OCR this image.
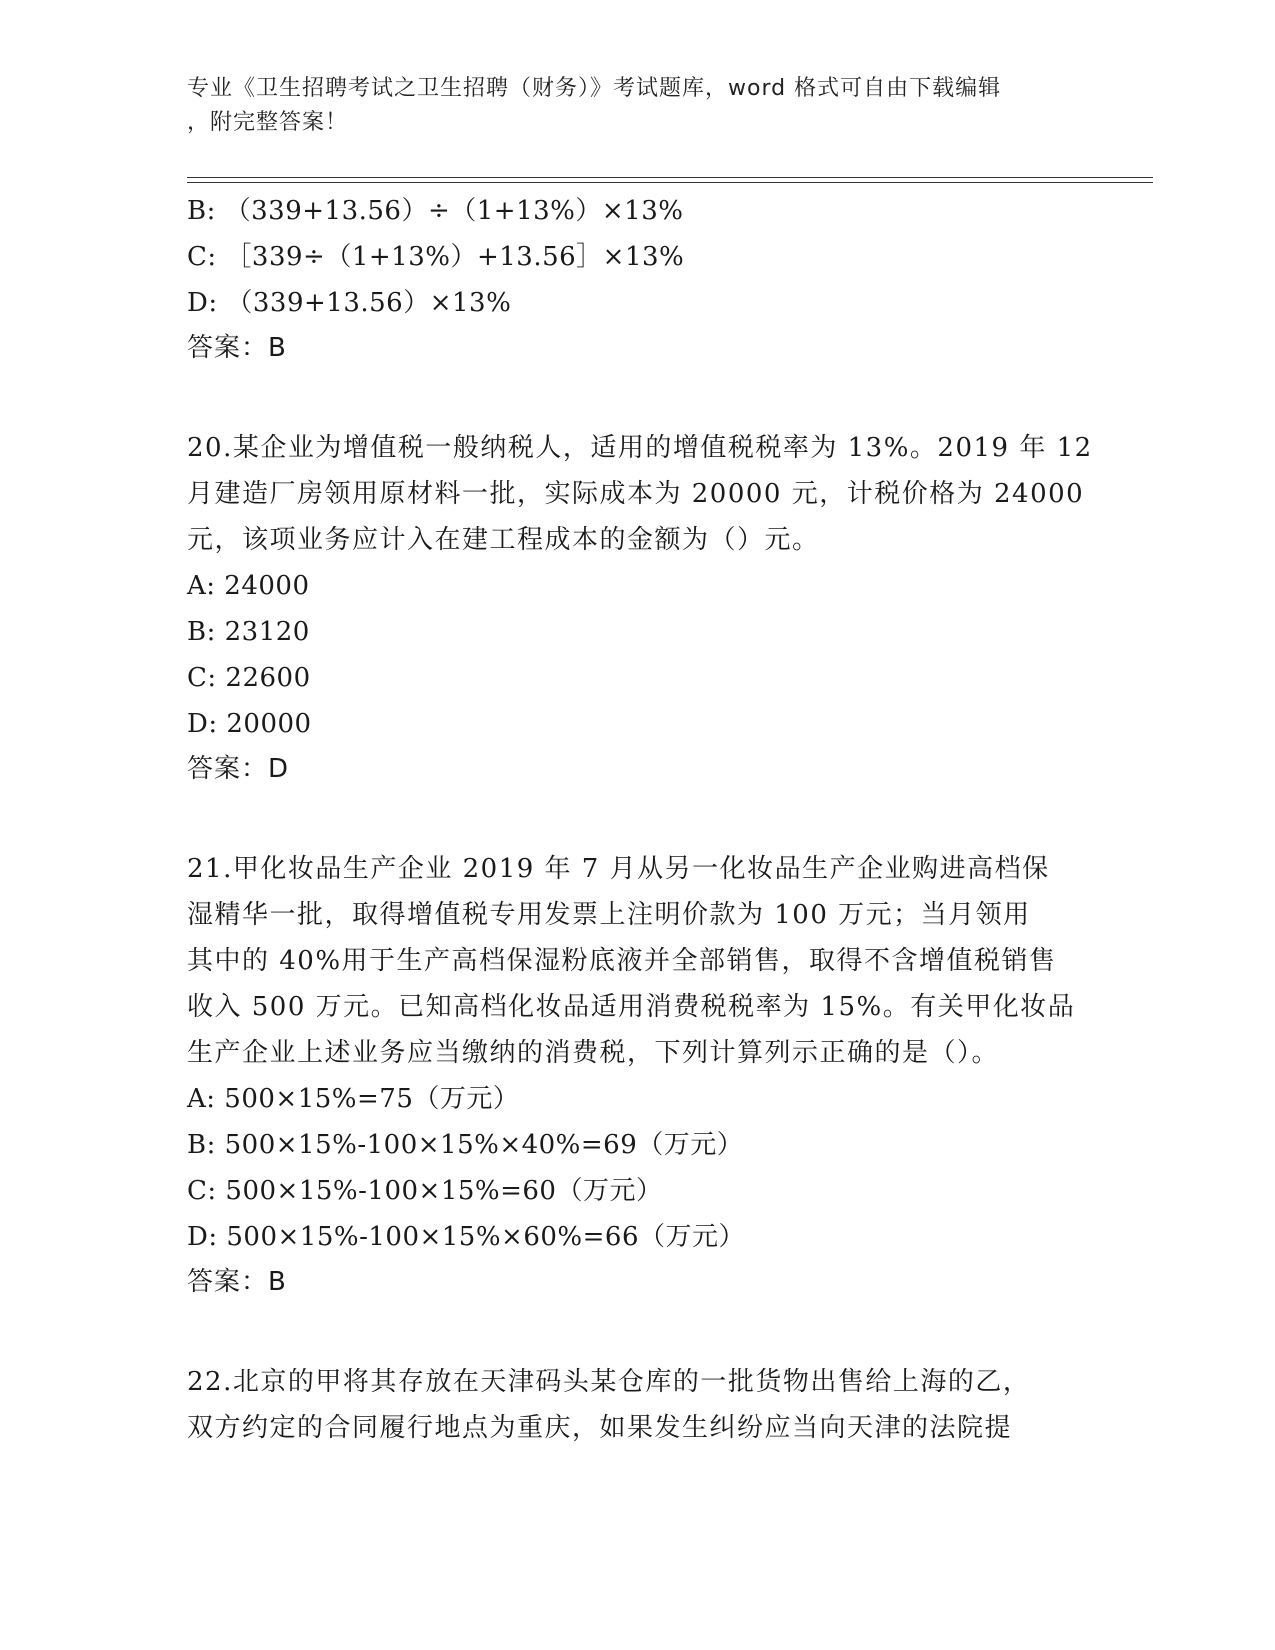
专业《卫生招聘考试之卫生招聘（财务）》考试题库，word 格式可自由下载编辑
，附完整答案！
B: （339+13.56）÷（1+13%）×13%
C: ［339÷（1+13%）+13.56］×13%
D: （339+13.56）×13%
答案：B
20.某企业为增值税一般纳税人，适用的增值税税率为 13%。2019 年 12
月建造厂房领用原材料一批，实际成本为 20000 元，计税价格为 24000
元，该项业务应计入在建工程成本的金额为（）元。
A: 24000
B: 23120
C: 22600
D: 20000
答案：D
21.甲化妆品生产企业 2019 年 7 月从另一化妆品生产企业购进高档保
湿精华一批，取得增值税专用发票上注明价款为 100 万元；当月领用
其中的 40%用于生产高档保湿粉底液并全部销售，取得不含增值税销售
收入 500 万元。已知高档化妆品适用消费税税率为 15%。有关甲化妆品
生产企业上述业务应当缴纳的消费税，下列计算列示正确的是（）。
A: 500×15%=75（万元）
B: 500×15%-100×15%×40%=69（万元）
C: 500×15%-100×15%=60（万元）
D: 500×15%-100×15%×60%=66（万元）
答案：B
22.北京的甲将其存放在天津码头某仓库的一批货物出售给上海的乙，
双方约定的合同履行地点为重庆，如果发生纠纷应当向天津的法院提
